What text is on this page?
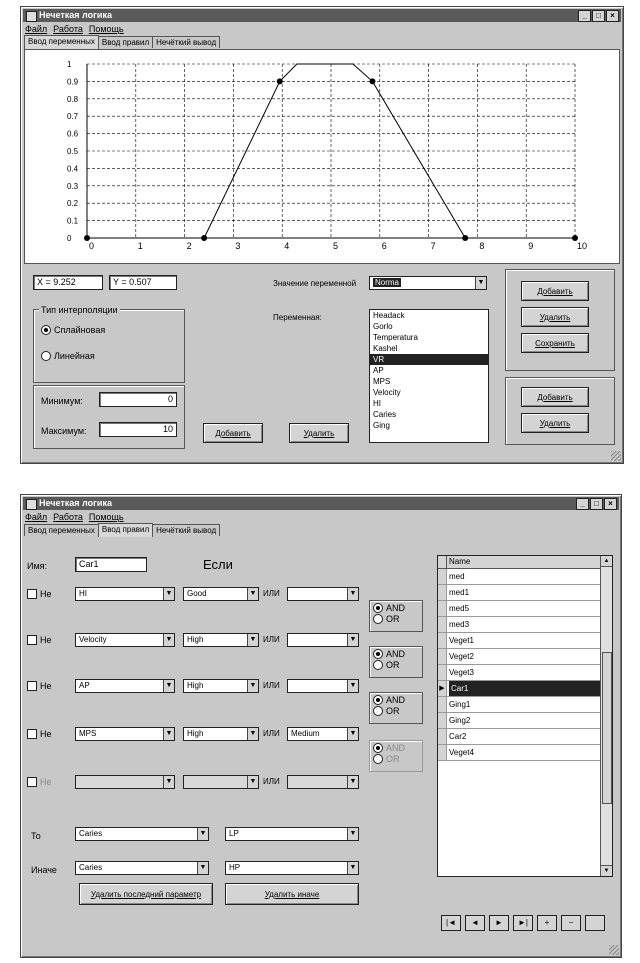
Нечеткая логика	_	□	×
Файл Работа Помощь
Ввод переменных Ввод правил Нечёткий вывод
0	1	2	3	4	5	6	7	8	9	10
0
0.1
0.2
0.3
0.4
0.5
0.6
0.7
0.8
0.9
1
X = 9.252	Y = 0.507
Тип интерполяции
Сплайновая
Линейная
Минимум:	0
Максимум:	10	Добавить	Удалить
Значение переменной	Norma	▼
Переменная:	Headack
Gorlo
Temperatura
Kashel
VR
AP
MPS
Velocity
HI
Caries
Ging
Добавить
Удалить
Сохранить
Добавить
Удалить
Нечеткая логика	_	□	×
Файл Работа Помощь
Ввод переменных Ввод правил Нечёткий вывод
Имя:	Car1	Если
Не	HI	▼	Good	▼ ИЛИ	▼
AND
OR
Не	Velocity	▼	High	▼ ИЛИ	▼
AND
OR
Не	AP	▼	High	▼ ИЛИ	▼
AND
OR
Не	MPS	▼	High	▼ ИЛИ	Medium	▼
AND
OR
Не	▼	▼ ИЛИ	▼
То	Caries	▼	LP	▼
Иначе	Caries	▼	HP	▼
Удалить последний параметр	Удалить иначе
Name
med
med1
med5
med3
Veget1
Veget2
Veget3
▶ Car1
Ging1
Ging2
Car2
Veget4
▲
▼
|◄	◄	►	►|	+	−
